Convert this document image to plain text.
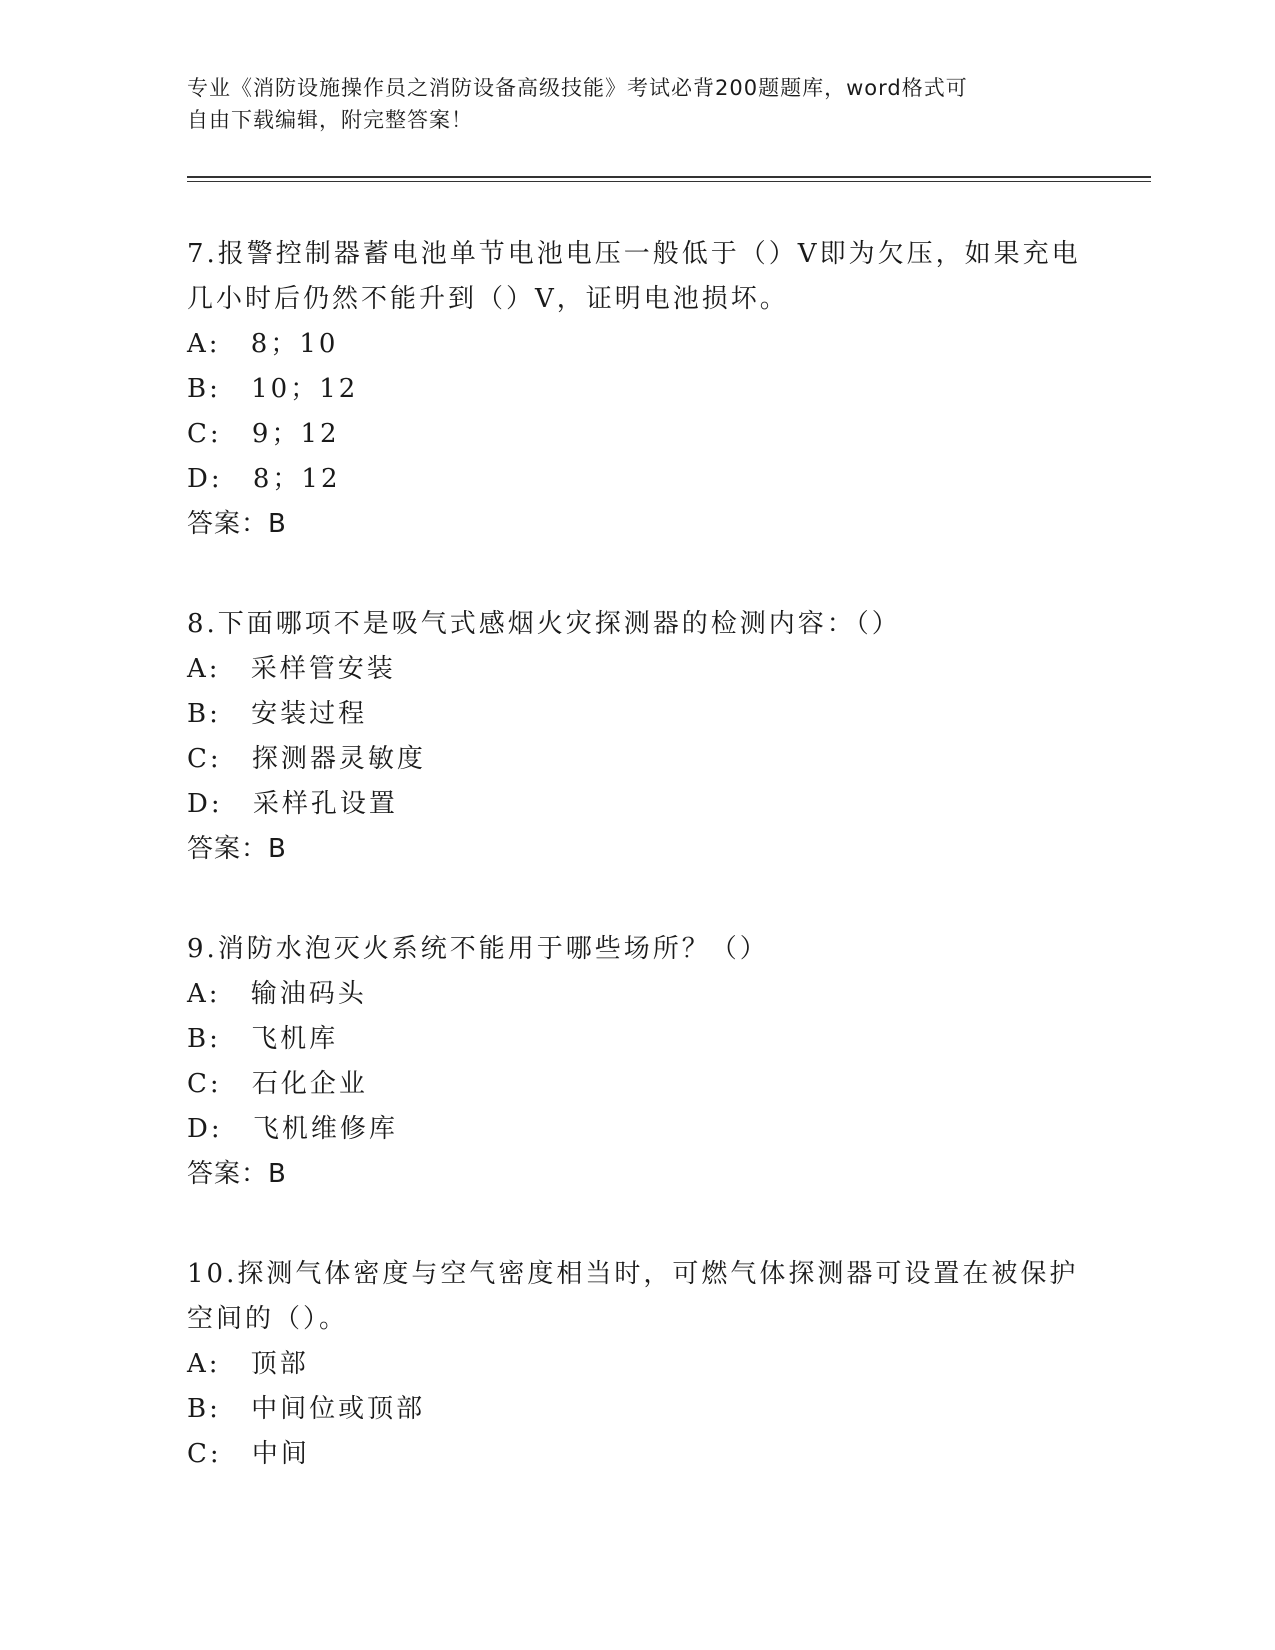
专业《消防设施操作员之消防设备高级技能》考试必背200题题库，word格式可
自由下载编辑，附完整答案！

7.报警控制器蓄电池单节电池电压一般低于（）V即为欠压，如果充电
几小时后仍然不能升到（）V，证明电池损坏。

A: 8；10

B: 10；12

C: 9；12

D: 8；12

答案：B

8.下面哪项不是吸气式感烟火灾探测器的检测内容：（）

A: 采样管安装

B: 安装过程

C: 探测器灵敏度

D: 采样孔设置

答案：B

9.消防水泡灭火系统不能用于哪些场所？（）

A: 输油码头

B: 飞机库

C: 石化企业

D: 飞机维修库

答案：B

10.探测气体密度与空气密度相当时，可燃气体探测器可设置在被保护
空间的（）。

A: 顶部

B: 中间位或顶部

C: 中间
